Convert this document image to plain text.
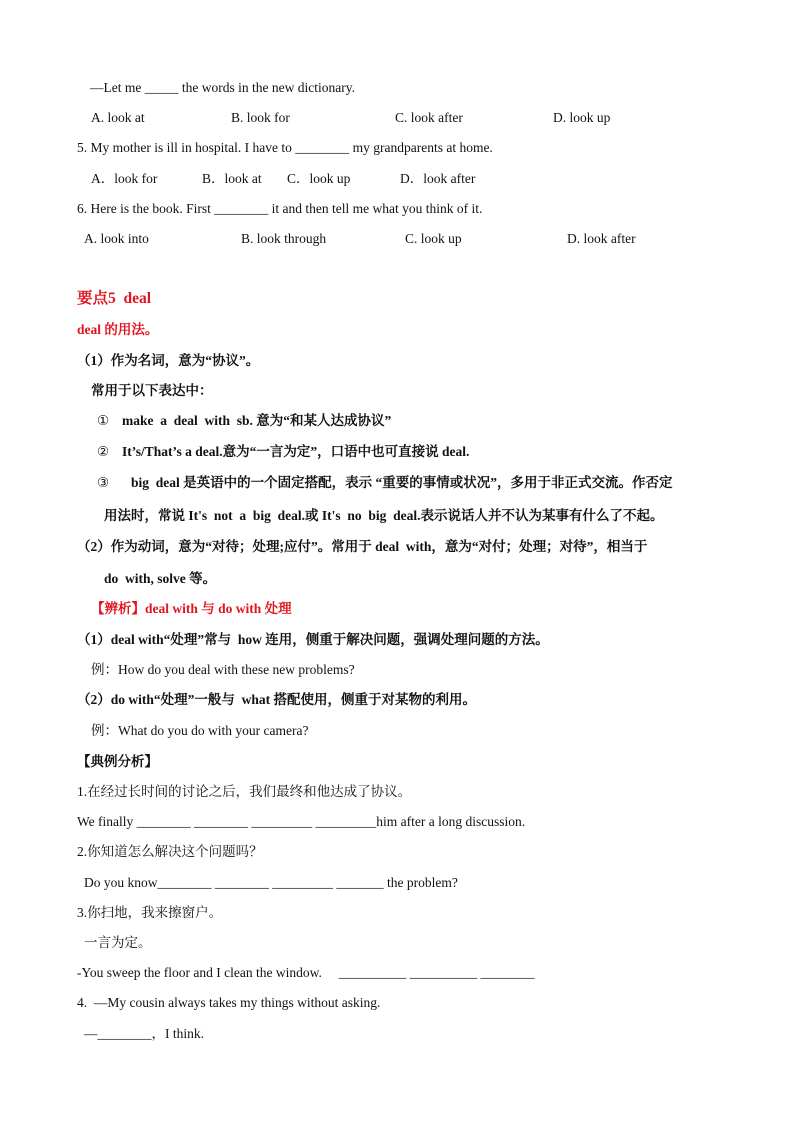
—Let me _____ the words in the new dictionary.
A. look at	B. look for	C. look after	D. look up
5. My mother is ill in hospital. I have to ________ my grandparents at home.
A．look for	B．look at C．look up	D．look after
6. Here is the book. First ________ it and then tell me what you think of it.
A. look into	B. look through	C. look up	D. look after
要点5  deal
deal 的用法。
（1）作为名词，意为“协议”。
常用于以下表达中：
① make  a  deal  with  sb. 意为“和某人达成协议”
② It’s/That’s a deal.意为“一言为定”，口语中也可直接说 deal.
③ big  deal 是英语中的一个固定搭配，表示 “重要的事情或状况”，多用于非正式交流。作否定
用法时，常说 It's  not  a  big  deal.或 It's  no  big  deal.表示说话人并不认为某事有什么了不起。
（2）作为动词，意为“对待；处理;应付”。常用于 deal  with，意为“对付；处理；对待”，相当于
do  with, solve 等。
【辨析】deal with 与 do with 处理
（1）deal with“处理”常与  how 连用，侧重于解决问题，强调处理问题的方法。
例：How do you deal with these new problems?
（2）do with“处理”一般与  what 搭配使用，侧重于对某物的利用。
例：What do you do with your camera?
【典例分析】
1.在经过长时间的讨论之后，我们最终和他达成了协议。
We finally ________ ________ _________ _________him after a long discussion.
2.你知道怎么解决这个问题吗？
Do you know________ ________ _________ _______ the problem?
3.你扫地，我来擦窗户。
一言为定。
-You sweep the floor and I clean the window.     __________ __________ ________
4.  —My cousin always takes my things without asking.
—________，I think.
